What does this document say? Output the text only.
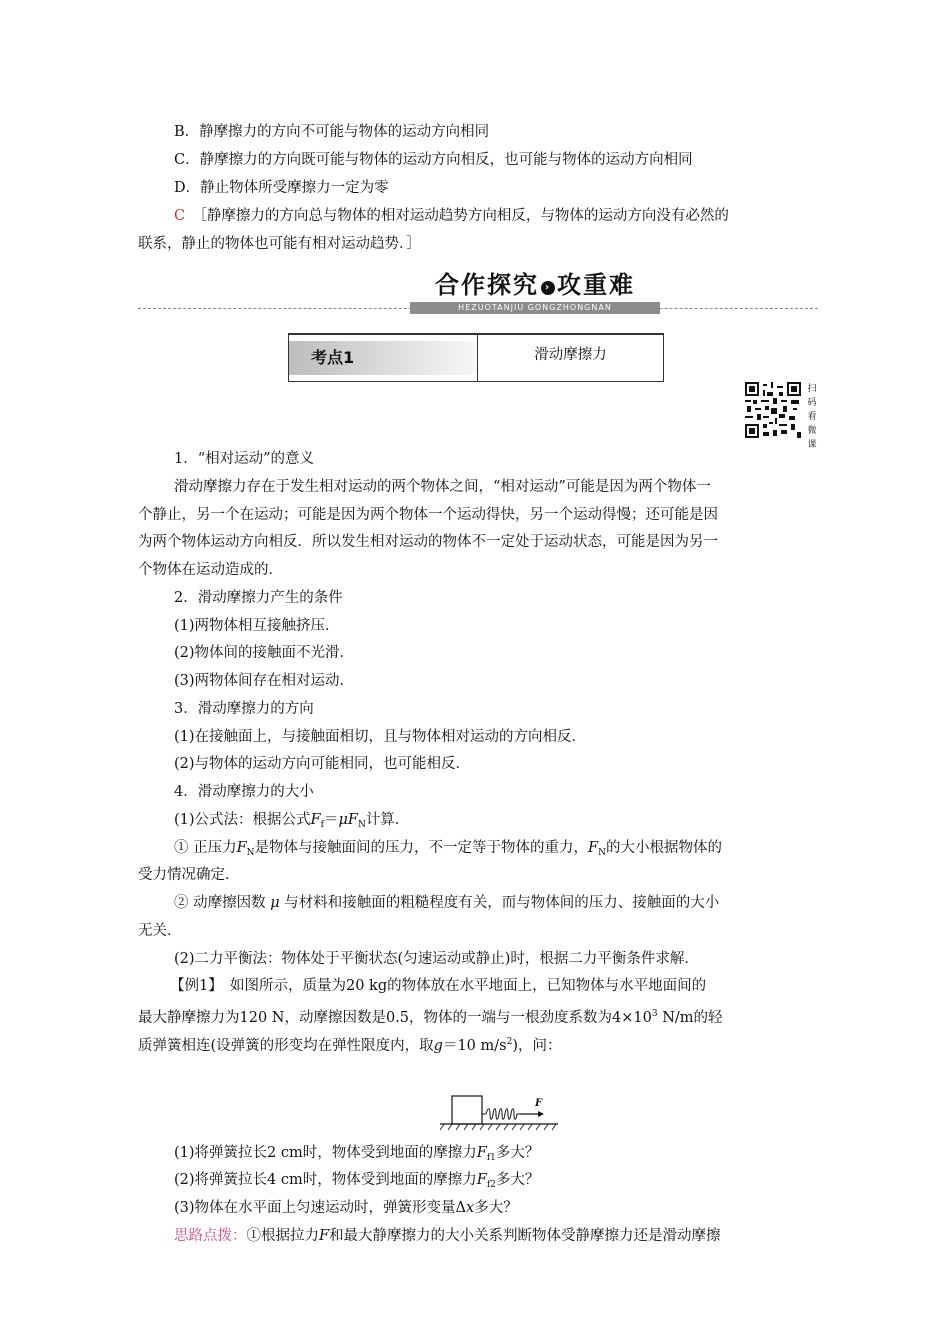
B．静摩擦力的方向不可能与物体的运动方向相同
C．静摩擦力的方向既可能与物体的运动方向相反，也可能与物体的运动方向相同
D．静止物体所受摩擦力一定为零
C　 ［静摩擦力的方向总与物体的相对运动趋势方向相反，与物体的运动方向没有必然的
联系，静止的物体也可能有相对运动趋势．］
合作探究 › 攻重难
HEZUOTANJIU GONGZHONGNAN
考点1	滑动摩擦力
扫码看微课
1．“相对运动”的意义
滑动摩擦力存在于发生相对运动的两个物体之间，“相对运动”可能是因为两个物体一
个静止，另一个在运动；可能是因为两个物体一个运动得快，另一个运动得慢；还可能是因
为两个物体运动方向相反．所以发生相对运动的物体不一定处于运动状态，可能是因为另一
个物体在运动造成的．
2．滑动摩擦力产生的条件
(1)两物体相互接触挤压．
(2)物体间的接触面不光滑．
(3)两物体间存在相对运动．
3．滑动摩擦力的方向
(1)在接触面上，与接触面相切，且与物体相对运动的方向相反．
(2)与物体的运动方向可能相同，也可能相反．
4．滑动摩擦力的大小
(1)公式法：根据公式$F_f=\mu F_N$计算．
① 正压力$F_N$是物体与接触面间的压力，不一定等于物体的重力，$F_N$的大小根据物体的
受力情况确定．
② 动摩擦因数 μ 与材料和接触面的粗糙程度有关，而与物体间的压力、接触面的大小
无关．
(2)二力平衡法：物体处于平衡状态(匀速运动或静止)时，根据二力平衡条件求解．
【例1】　如图所示，质量为20 kg的物体放在水平地面上，已知物体与水平地面间的
最大静摩擦力为120 N，动摩擦因数是0.5，物体的一端与一根劲度系数为$4\times 10^3$ N/m的轻
质弹簧相连(设弹簧的形变均在弹性限度内，取g＝10 $m/s^2$)，问：
F
(1)将弹簧拉长2 cm时，物体受到地面的摩擦力$F_{f1}$多大？
(2)将弹簧拉长4 cm时，物体受到地面的摩擦力$F_{f2}$多大？
(3)物体在水平面上匀速运动时，弹簧形变量Δx多大？
思路点拨：①根据拉力F和最大静摩擦力的大小关系判断物体受静摩擦力还是滑动摩擦
